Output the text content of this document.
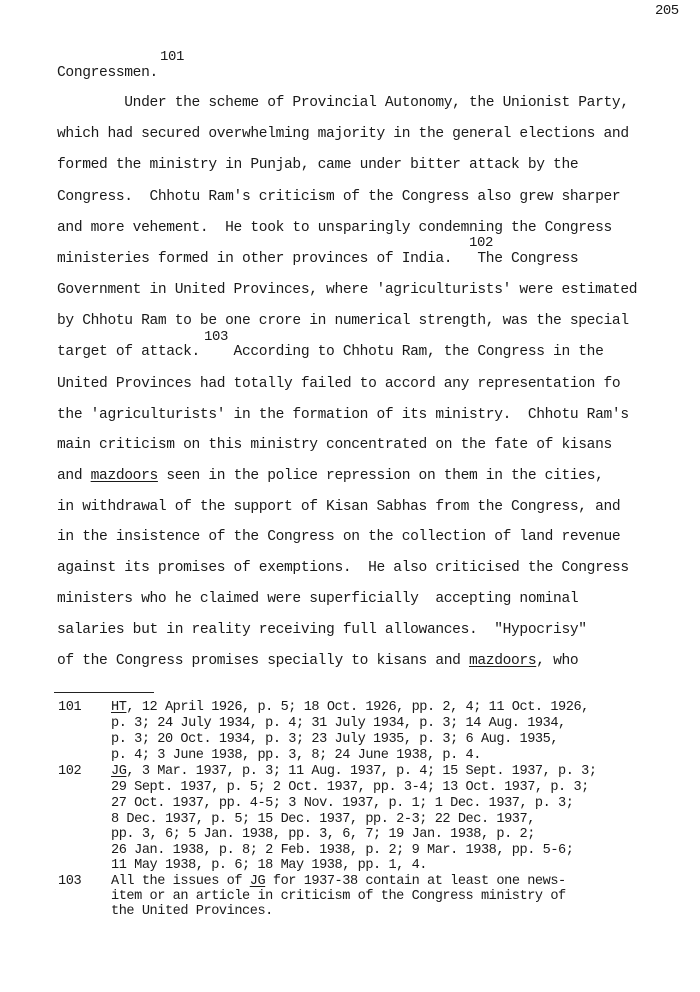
205
101
102
103
Congressmen.
Under the scheme of Provincial Autonomy, the Unionist Party,
which had secured overwhelming majority in the general elections and
formed the ministry in Punjab, came under bitter attack by the
Congress.  Chhotu Ram's criticism of the Congress also grew sharper
and more vehement.  He took to unsparingly condemning the Congress
ministeries formed in other provinces of India.   The Congress
Government in United Provinces, where 'agriculturists' were estimated
by Chhotu Ram to be one crore in numerical strength, was the special
target of attack.    According to Chhotu Ram, the Congress in the
United Provinces had totally failed to accord any representation fo
the 'agriculturists' in the formation of its ministry.  Chhotu Ram's
main criticism on this ministry concentrated on the fate of kisans
and mazdoors seen in the police repression on them in the cities,
in withdrawal of the support of Kisan Sabhas from the Congress, and
in the insistence of the Congress on the collection of land revenue
against its promises of exemptions.  He also criticised the Congress
ministers who he claimed were superficially  accepting nominal
salaries but in reality receiving full allowances.  "Hypocrisy"
of the Congress promises specially to kisans and mazdoors, who
101 HT, 12 April 1926, p. 5; 18 Oct. 1926, pp. 2, 4; 11 Oct. 1926,
p. 3; 24 July 1934, p. 4; 31 July 1934, p. 3; 14 Aug. 1934,
p. 3; 20 Oct. 1934, p. 3; 23 July 1935, p. 3; 6 Aug. 1935,
p. 4; 3 June 1938, pp. 3, 8; 24 June 1938, p. 4.
102 JG, 3 Mar. 1937, p. 3; 11 Aug. 1937, p. 4; 15 Sept. 1937, p. 3;
29 Sept. 1937, p. 5; 2 Oct. 1937, pp. 3-4; 13 Oct. 1937, p. 3;
27 Oct. 1937, pp. 4-5; 3 Nov. 1937, p. 1; 1 Dec. 1937, p. 3;
8 Dec. 1937, p. 5; 15 Dec. 1937, pp. 2-3; 22 Dec. 1937,
pp. 3, 6; 5 Jan. 1938, pp. 3, 6, 7; 19 Jan. 1938, p. 2;
26 Jan. 1938, p. 8; 2 Feb. 1938, p. 2; 9 Mar. 1938, pp. 5-6;
11 May 1938, p. 6; 18 May 1938, pp. 1, 4.
103 All the issues of JG for 1937-38 contain at least one news-
item or an article in criticism of the Congress ministry of
the United Provinces.
